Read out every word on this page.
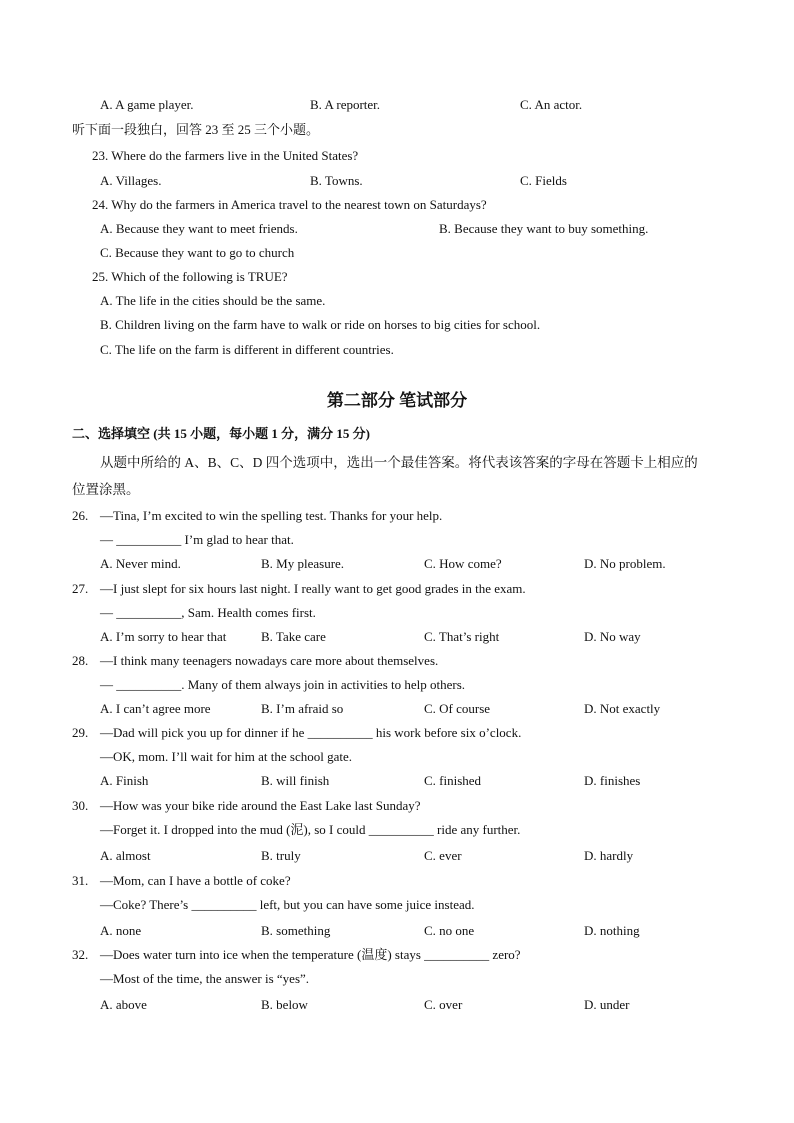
A. A game player.	B. A reporter.	C. An actor.
听下面一段独白，回答 23 至 25 三个小题。
23. Where do the farmers live in the United States?
A. Villages.	B. Towns.	C. Fields
24. Why do the farmers in America travel to the nearest town on Saturdays?
A. Because they want to meet friends.	B. Because they want to buy something.
C. Because they want to go to church
25. Which of the following is TRUE?
A. The life in the cities should be the same.
B. Children living on the farm have to walk or ride on horses to big cities for school.
C. The life on the farm is different in different countries.
第二部分 笔试部分
二、选择填空 (共 15 小题，每小题 1 分，满分 15 分)
从题中所给的 A、B、C、D 四个选项中，选出一个最佳答案。将代表该答案的字母在答题卡上相应的
位置涂黑。
26. —Tina, I’m excited to win the spelling test. Thanks for your help.
— __________ I’m glad to hear that.
A. Never mind.	B. My pleasure.	C. How come?	D. No problem.
27. —I just slept for six hours last night. I really want to get good grades in the exam.
— __________, Sam. Health comes first.
A. I’m sorry to hear that	B. Take care	C. That’s right	D. No way
28. —I think many teenagers nowadays care more about themselves.
— __________. Many of them always join in activities to help others.
A. I can’t agree more	B. I’m afraid so	C. Of course	D. Not exactly
29. —Dad will pick you up for dinner if he __________ his work before six o’clock.
—OK, mom. I’ll wait for him at the school gate.
A. Finish	B. will finish	C. finished	D. finishes
30. —How was your bike ride around the East Lake last Sunday?
—Forget it. I dropped into the mud (泥), so I could __________ ride any further.
A. almost	B. truly	C. ever	D. hardly
31. —Mom, can I have a bottle of coke?
—Coke? There’s __________ left, but you can have some juice instead.
A. none	B. something	C. no one	D. nothing
32. —Does water turn into ice when the temperature (温度) stays __________ zero?
—Most of the time, the answer is “yes”.
A. above	B. below	C. over	D. under
